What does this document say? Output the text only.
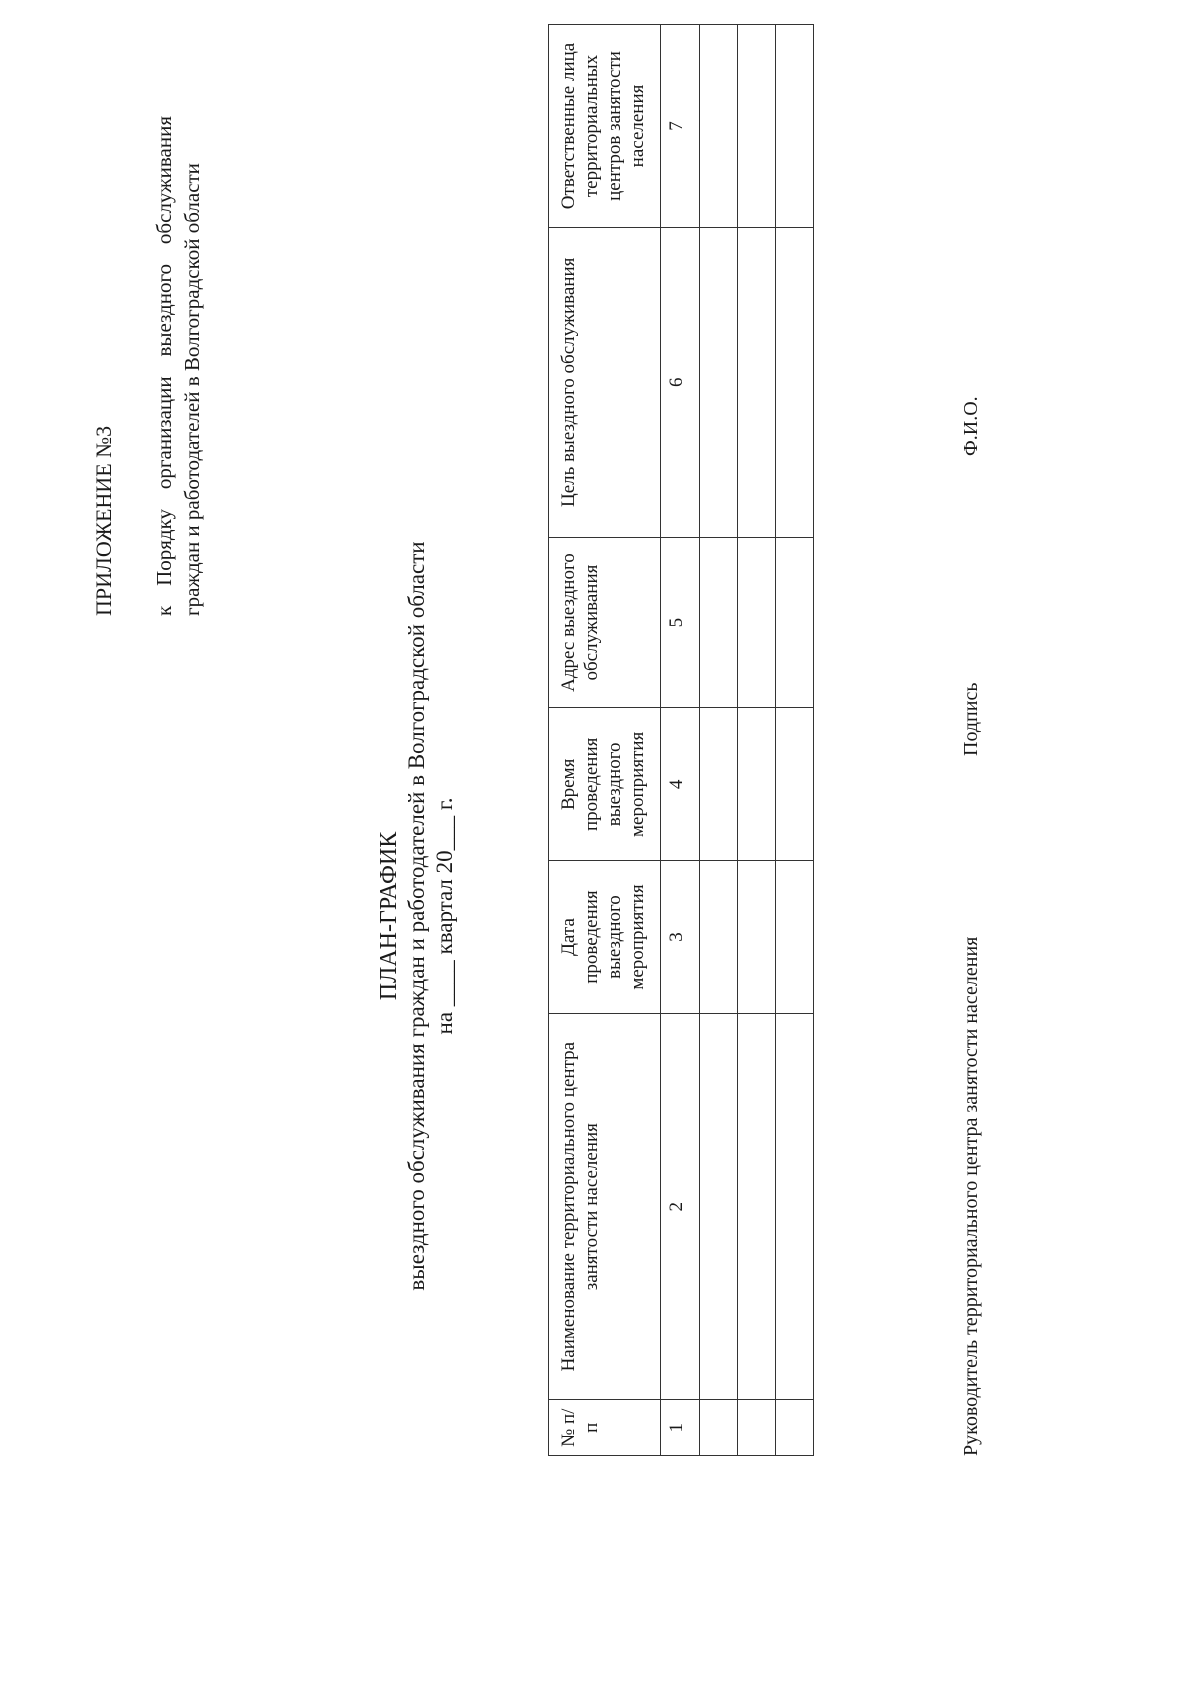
ПРИЛОЖЕНИЕ №3 к Порядку организации выездного обслуживания граждан и работодателей в Волгоградской области
ПЛАН-ГРАФИК выездного обслуживания граждан и работодателей в Волгоградской области на ____ квартал 20___ г.
№ п/п	Наименование территориального центра занятости населения	Дата проведения выездного мероприятия	Время проведения выездного мероприятия	Адрес выездного обслуживания	Цель выездного обслуживания	Ответственные лица территориальных центров занятости населения
1	2	3	4	5	6	7

Руководитель территориального центра занятости населения
Подпись
Ф.И.О.
